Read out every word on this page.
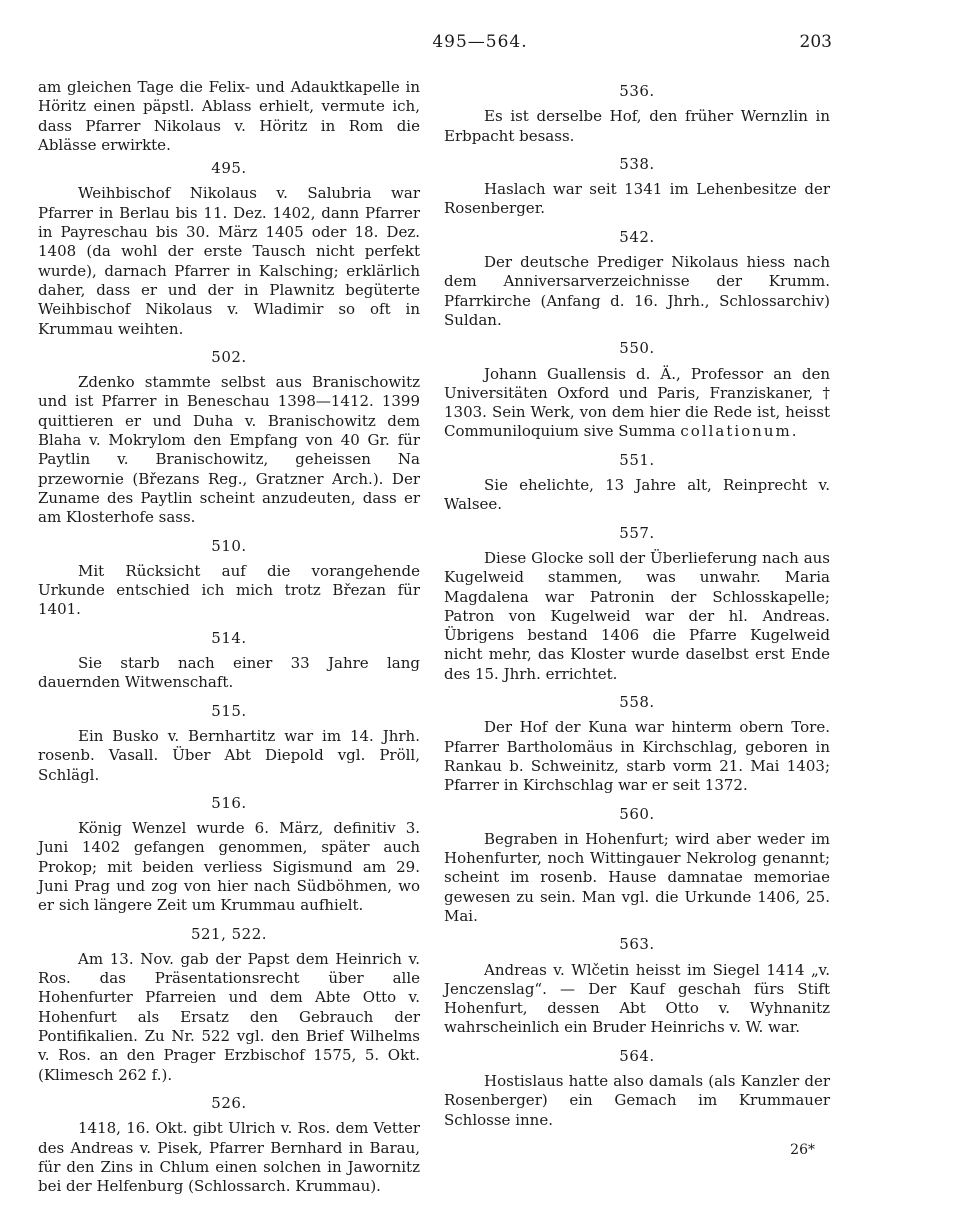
495—564.	203

am gleichen Tage die Felix- und Adauktkapelle in Höritz einen päpstl. Ablass erhielt, vermute ich, dass Pfarrer Nikolaus v. Höritz in Rom die Ablässe erwirkte.

495.

Weihbischof Nikolaus v. Salubria war Pfarrer in Berlau bis 11. Dez. 1402, dann Pfarrer in Payreschau bis 30. März 1405 oder 18. Dez. 1408 (da wohl der erste Tausch nicht perfekt wurde), darnach Pfarrer in Kalsching; erklärlich daher, dass er und der in Plawnitz begüterte Weihbischof Nikolaus v. Wladimir so oft in Krummau weihten.

502.

Zdenko stammte selbst aus Branischowitz und ist Pfarrer in Beneschau 1398—1412. 1399 quittieren er und Duha v. Branischowitz dem Blaha v. Mokrylom den Empfang von 40 Gr. für Paytlin v. Branischowitz, geheissen Na przewornie (Březans Reg., Gratzner Arch.). Der Zuname des Paytlin scheint anzudeuten, dass er am Klosterhofe sass.

510.

Mit Rücksicht auf die vorangehende Urkunde entschied ich mich trotz Březan für 1401.

514.

Sie starb nach einer 33 Jahre lang dauernden Witwenschaft.

515.

Ein Busko v. Bernhartitz war im 14. Jhrh. rosenb. Vasall. Über Abt Diepold vgl. Pröll, Schlägl.

516.

König Wenzel wurde 6. März, definitiv 3. Juni 1402 gefangen genommen, später auch Prokop; mit beiden verliess Sigismund am 29. Juni Prag und zog von hier nach Südböhmen, wo er sich längere Zeit um Krummau aufhielt.

521, 522.

Am 13. Nov. gab der Papst dem Heinrich v. Ros. das Präsentationsrecht über alle Hohenfurter Pfarreien und dem Abte Otto v. Hohenfurt als Ersatz den Gebrauch der Pontifikalien. Zu Nr. 522 vgl. den Brief Wilhelms v. Ros. an den Prager Erzbischof 1575, 5. Okt. (Klimesch 262 f.).

526.

1418, 16. Okt. gibt Ulrich v. Ros. dem Vetter des Andreas v. Pisek, Pfarrer Bernhard in Barau, für den Zins in Chlum einen solchen in Jawornitz bei der Helfenburg (Schlossarch. Krummau).

536.

Es ist derselbe Hof, den früher Wernzlin in Erbpacht besass.

538.

Haslach war seit 1341 im Lehenbesitze der Rosenberger.

542.

Der deutsche Prediger Nikolaus hiess nach dem Anniversarverzeichnisse der Krumm. Pfarrkirche (Anfang d. 16. Jhrh., Schlossarchiv) Suldan.

550.

Johann Guallensis d. Ä., Professor an den Universitäten Oxford und Paris, Franziskaner, † 1303. Sein Werk, von dem hier die Rede ist, heisst Communiloquium sive Summa collationum.

551.

Sie ehelichte, 13 Jahre alt, Reinprecht v. Walsee.

557.

Diese Glocke soll der Überlieferung nach aus Kugelweid stammen, was unwahr. Maria Magdalena war Patronin der Schlosskapelle; Patron von Kugelweid war der hl. Andreas. Übrigens bestand 1406 die Pfarre Kugelweid nicht mehr, das Kloster wurde daselbst erst Ende des 15. Jhrh. errichtet.

558.

Der Hof der Kuna war hinterm obern Tore. Pfarrer Bartholomäus in Kirchschlag, geboren in Rankau b. Schweinitz, starb vorm 21. Mai 1403; Pfarrer in Kirchschlag war er seit 1372.

560.

Begraben in Hohenfurt; wird aber weder im Hohenfurter, noch Wittingauer Nekrolog genannt; scheint im rosenb. Hause damnatae memoriae gewesen zu sein. Man vgl. die Urkunde 1406, 25. Mai.

563.

Andreas v. Wlčetin heisst im Siegel 1414 „v. Jenczenslag“. — Der Kauf geschah fürs Stift Hohenfurt, dessen Abt Otto v. Wyhnanitz wahrscheinlich ein Bruder Heinrichs v. W. war.

564.

Hostislaus hatte also damals (als Kanzler der Rosenberger) ein Gemach im Krummauer Schlosse inne.

26*
